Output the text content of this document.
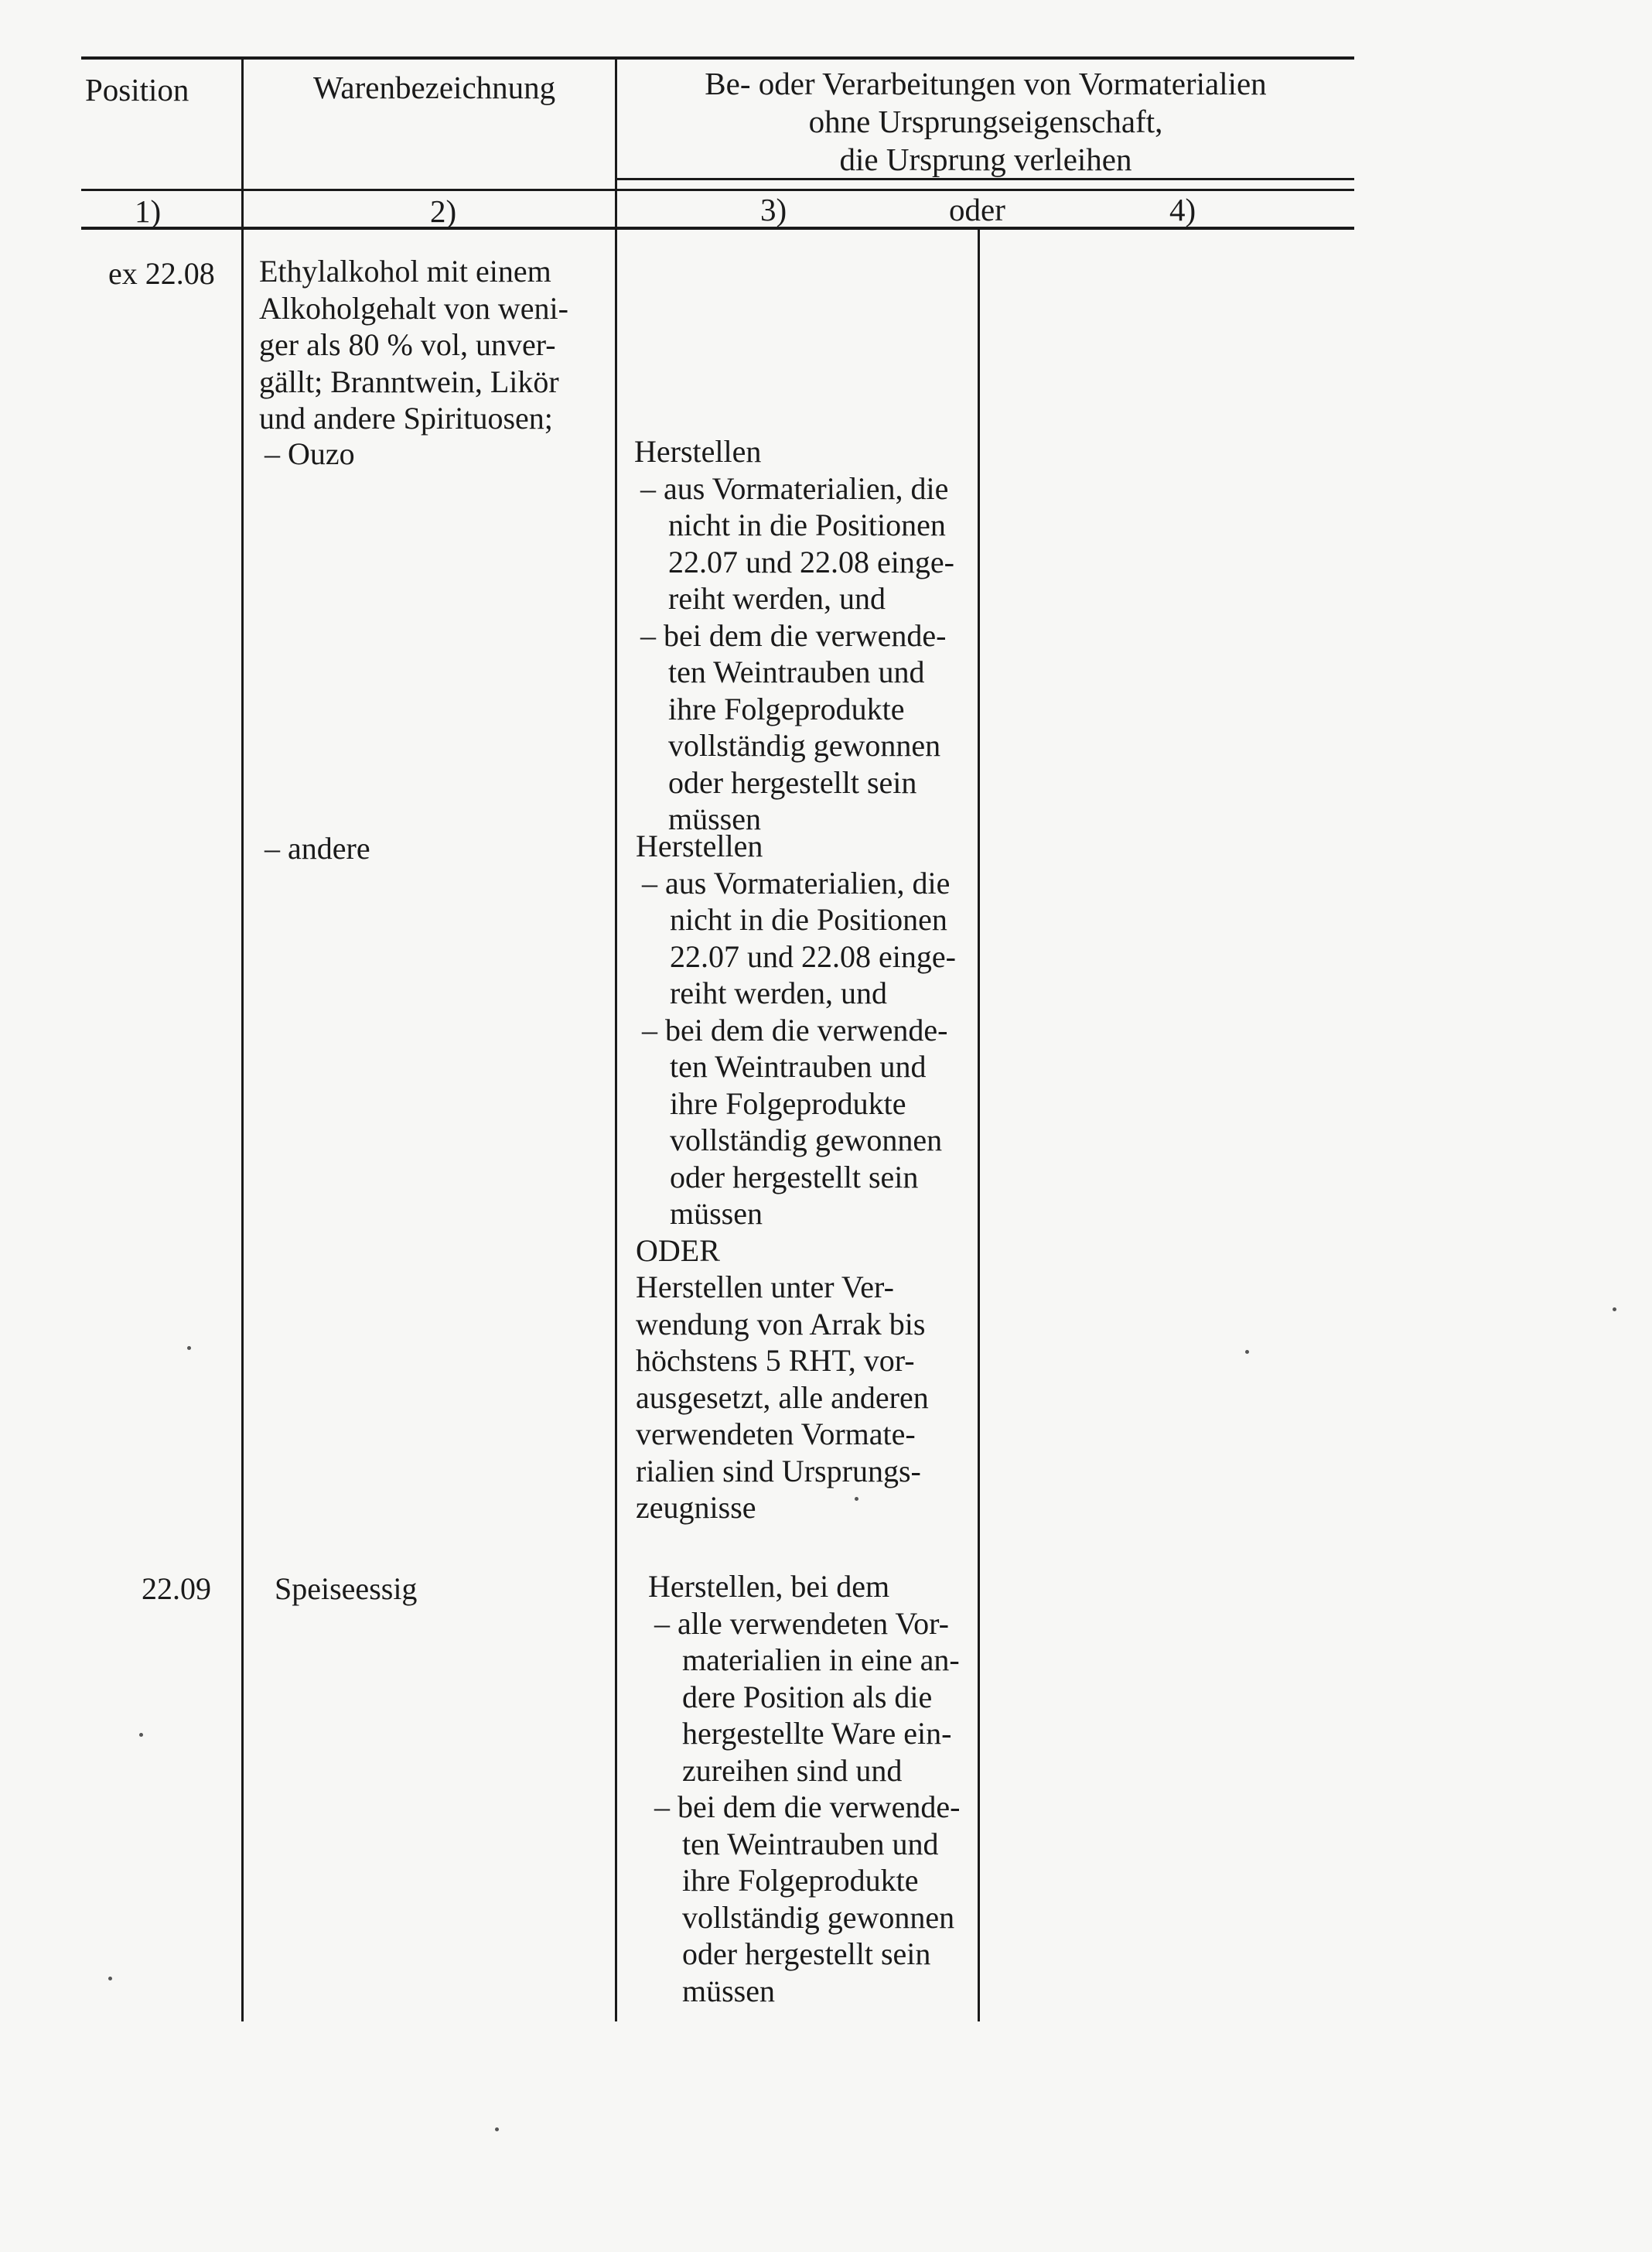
Position	Warenbezeichnung	Be- oder Verarbeitungen von Vormaterialien
ohne Ursprungseigenschaft,
die Ursprung verleihen
1)	2)	3)	oder	4)
ex 22.08 Ethylalkohol mit einem
Alkoholgehalt von weni-
ger als 80 % vol, unver-
gällt; Branntwein, Likör
und andere Spirituosen;
– Ouzo	Herstellen
– aus Vormaterialien, die
nicht in die Positionen
22.07 und 22.08 einge-
reiht werden, und
– bei dem die verwende-
ten Weintrauben und
ihre Folgeprodukte
vollständig gewonnen
oder hergestellt sein
müssen
– andere	Herstellen
– aus Vormaterialien, die
nicht in die Positionen
22.07 und 22.08 einge-
reiht werden, und
– bei dem die verwende-
ten Weintrauben und
ihre Folgeprodukte
vollständig gewonnen
oder hergestellt sein
müssen
ODER
Herstellen unter Ver-
wendung von Arrak bis
höchstens 5 RHT, vor-
ausgesetzt, alle anderen
verwendeten Vormate-
rialien sind Ursprungs-
zeugnisse
22.09 Speiseessig	Herstellen, bei dem
– alle verwendeten Vor-
materialien in eine an-
dere Position als die
hergestellte Ware ein-
zureihen sind und
– bei dem die verwende-
ten Weintrauben und
ihre Folgeprodukte
vollständig gewonnen
oder hergestellt sein
müssen
